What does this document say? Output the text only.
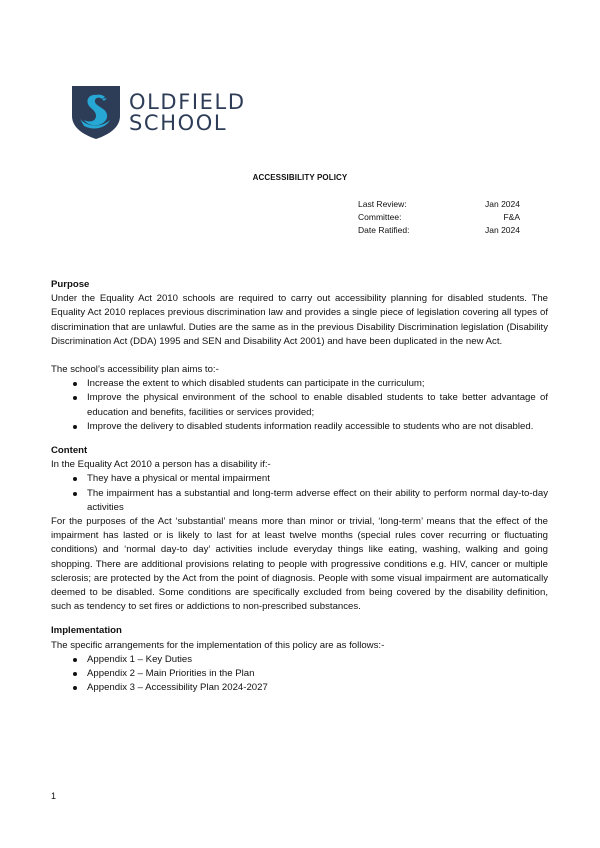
OLDFIELD
SCHOOL
ACCESSIBILITY POLICY
Last Review:	Jan 2024
Committee:	F&A
Date Ratified:	Jan 2024
Purpose

Under the Equality Act 2010 schools are required to carry out accessibility planning for disabled students. The Equality Act 2010 replaces previous discrimination law and provides a single piece of legislation covering all types of discrimination that are unlawful. Duties are the same as in the previous Disability Discrimination legislation (Disability Discrimination Act (DDA) 1995 and SEN and Disability Act 2001) and have been duplicated in the new Act.

The school’s accessibility plan aims to:-

Increase the extent to which disabled students can participate in the curriculum;
Improve the physical environment of the school to enable disabled students to take better advantage of education and benefits, facilities or services provided;
Improve the delivery to disabled students information readily accessible to students who are not disabled.
Content

In the Equality Act 2010 a person has a disability if:-

They have a physical or mental impairment
The impairment has a substantial and long-term adverse effect on their ability to perform normal day-to-day activities

For the purposes of the Act ‘substantial’ means more than minor or trivial, ‘long-term’ means that the effect of the impairment has lasted or is likely to last for at least twelve months (special rules cover recurring or fluctuating conditions) and ‘normal day-to day’ activities include everyday things like eating, washing, walking and going shopping. There are additional provisions relating to people with progressive conditions e.g. HIV, cancer or multiple sclerosis; are protected by the Act from the point of diagnosis. People with some visual impairment are automatically deemed to be disabled. Some conditions are specifically excluded from being covered by the disability definition, such as tendency to set fires or addictions to non-prescribed substances.

Implementation

The specific arrangements for the implementation of this policy are as follows:-

Appendix 1 – Key Duties
Appendix 2 – Main Priorities in the Plan
Appendix 3 – Accessibility Plan 2024-2027
1
